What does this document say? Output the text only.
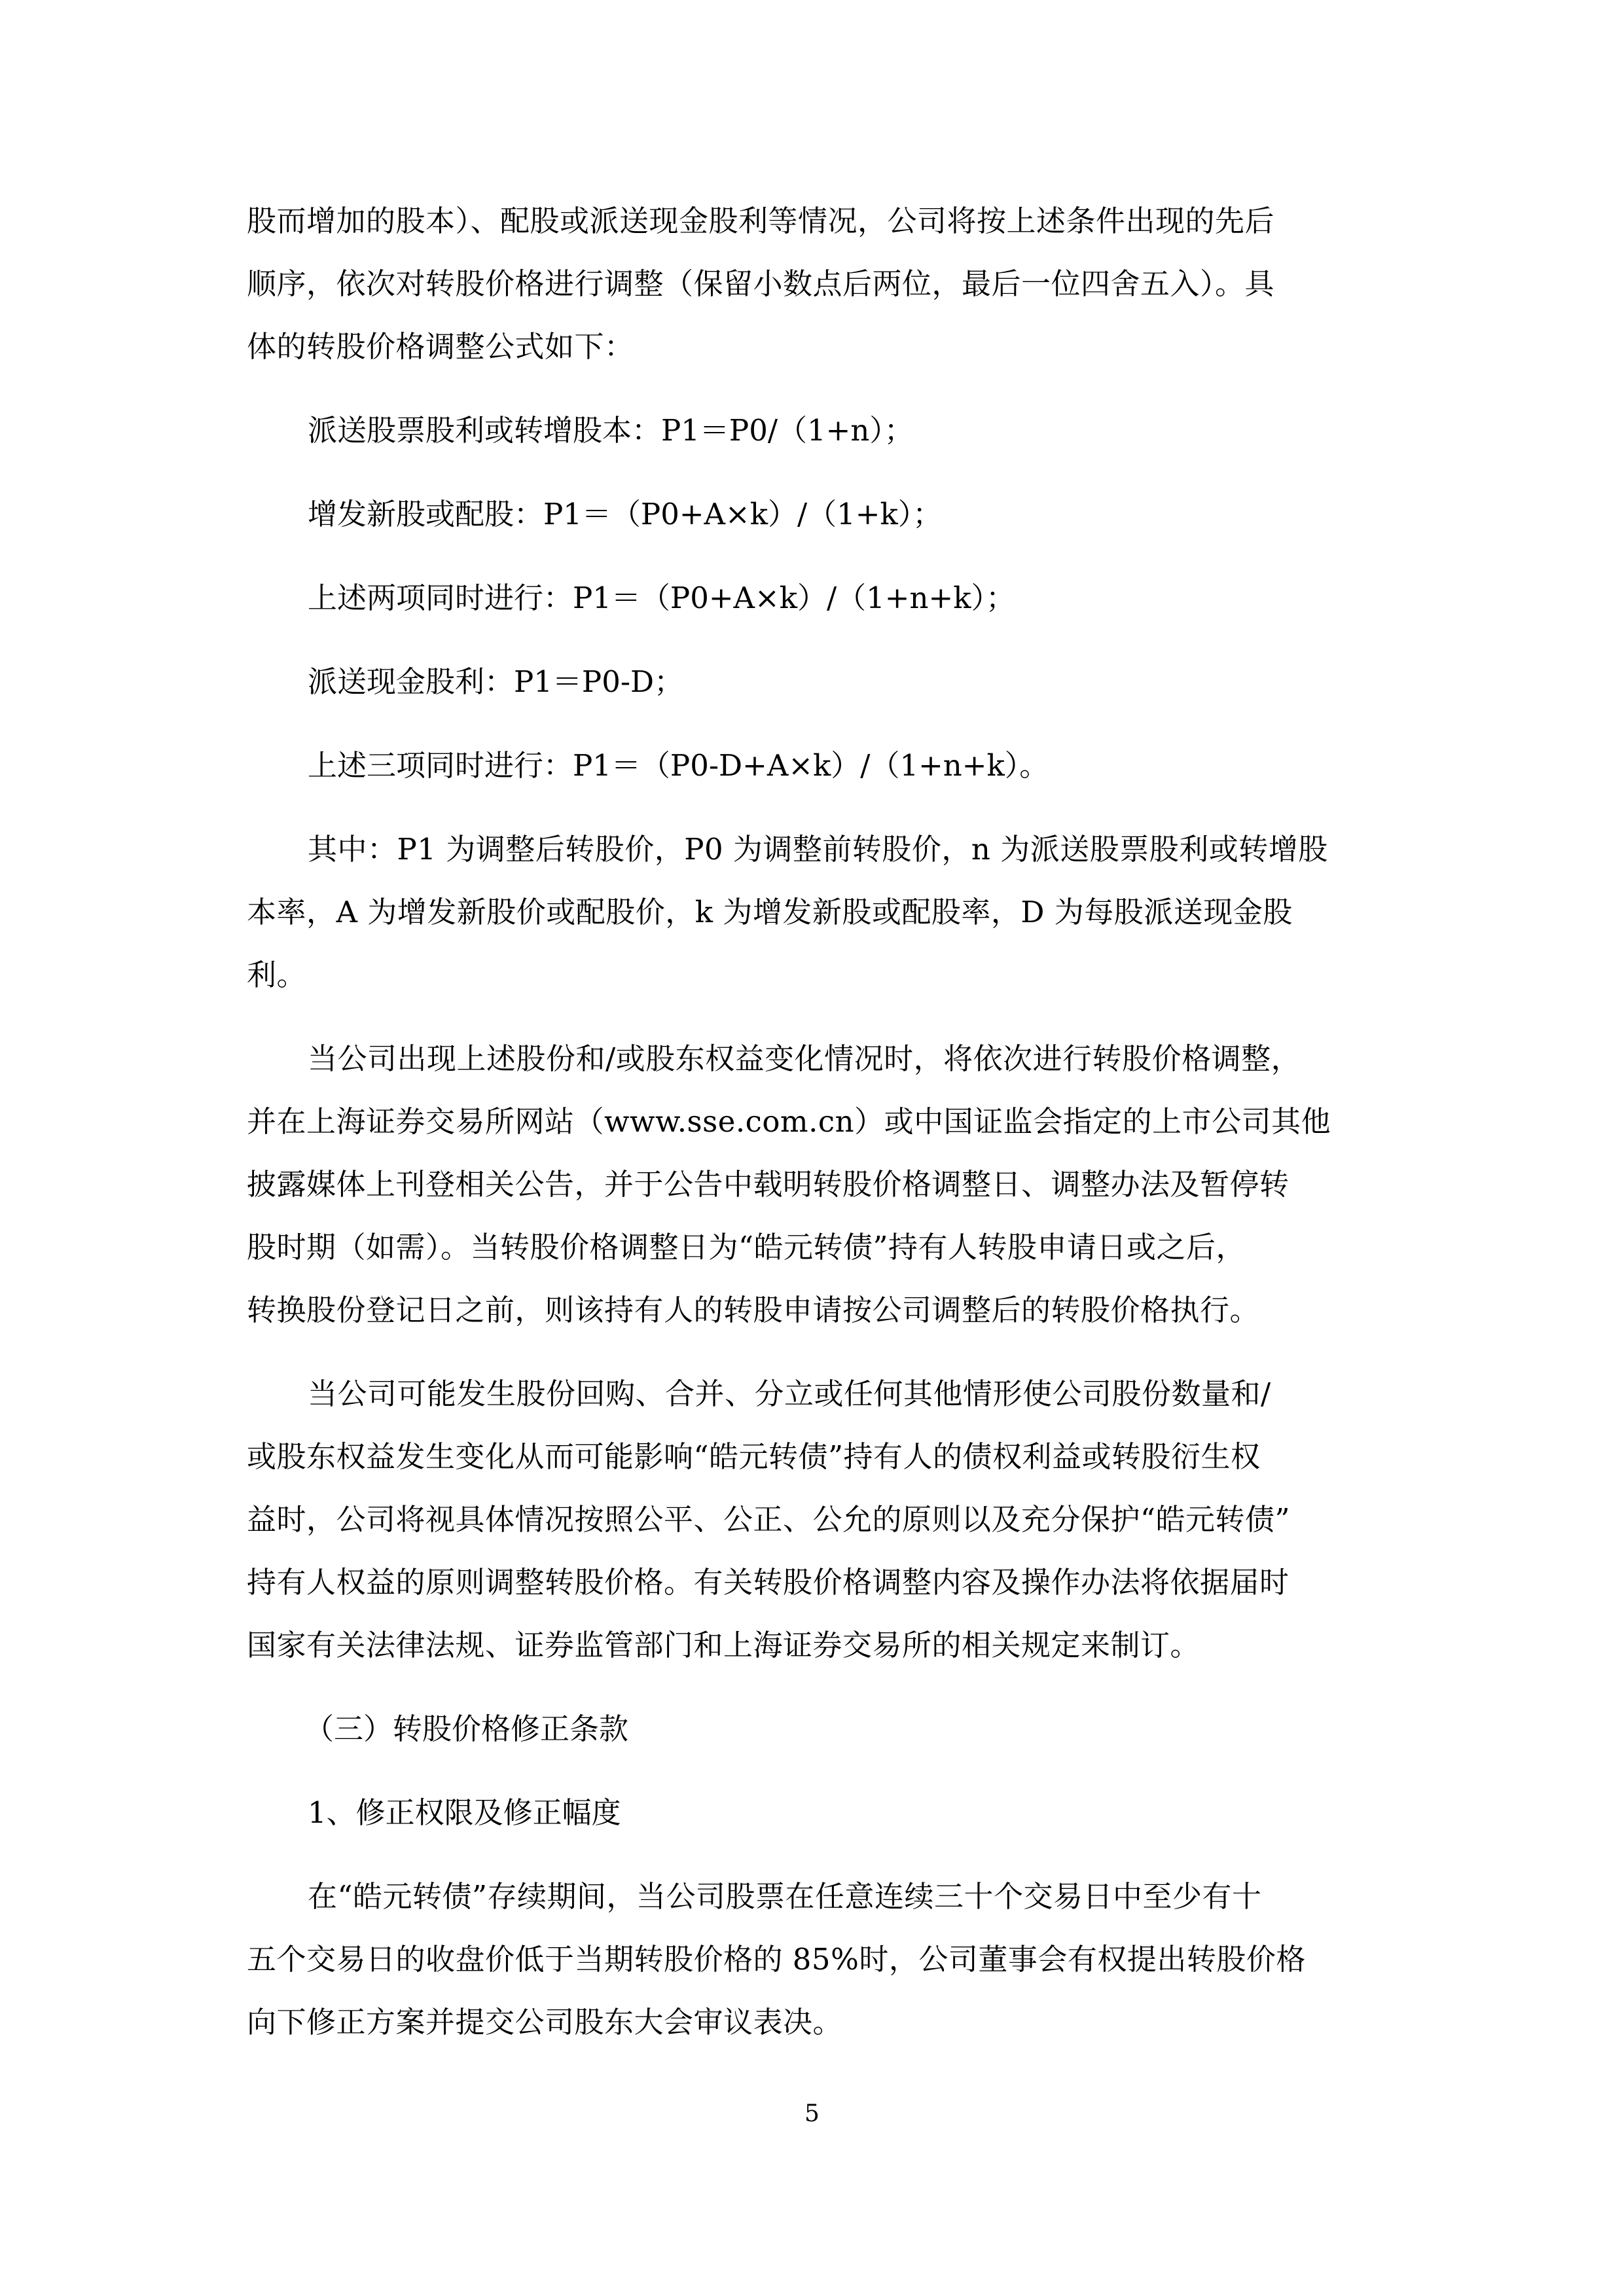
股而增加的股本）、配股或派送现金股利等情况，公司将按上述条件出现的先后
顺序，依次对转股价格进行调整（保留小数点后两位，最后一位四舍五入）。具
体的转股价格调整公式如下：
派送股票股利或转增股本：P1＝P0/（1+n）；
增发新股或配股：P1＝（P0+A×k）/（1+k）；
上述两项同时进行：P1＝（P0+A×k）/（1+n+k）；
派送现金股利：P1＝P0-D；
上述三项同时进行：P1＝（P0-D+A×k）/（1+n+k）。
其中：P1 为调整后转股价，P0 为调整前转股价，n 为派送股票股利或转增股
本率，A 为增发新股价或配股价，k 为增发新股或配股率，D 为每股派送现金股
利。
当公司出现上述股份和/或股东权益变化情况时，将依次进行转股价格调整，
并在上海证券交易所网站（www.sse.com.cn）或中国证监会指定的上市公司其他
披露媒体上刊登相关公告，并于公告中载明转股价格调整日、调整办法及暂停转
股时期（如需）。当转股价格调整日为“皓元转债”持有人转股申请日或之后，
转换股份登记日之前，则该持有人的转股申请按公司调整后的转股价格执行。
当公司可能发生股份回购、合并、分立或任何其他情形使公司股份数量和/
或股东权益发生变化从而可能影响“皓元转债”持有人的债权利益或转股衍生权
益时，公司将视具体情况按照公平、公正、公允的原则以及充分保护“皓元转债”
持有人权益的原则调整转股价格。有关转股价格调整内容及操作办法将依据届时
国家有关法律法规、证券监管部门和上海证券交易所的相关规定来制订。
（三）转股价格修正条款
1、修正权限及修正幅度
在“皓元转债”存续期间，当公司股票在任意连续三十个交易日中至少有十
五个交易日的收盘价低于当期转股价格的 85%时，公司董事会有权提出转股价格
向下修正方案并提交公司股东大会审议表决。
5
